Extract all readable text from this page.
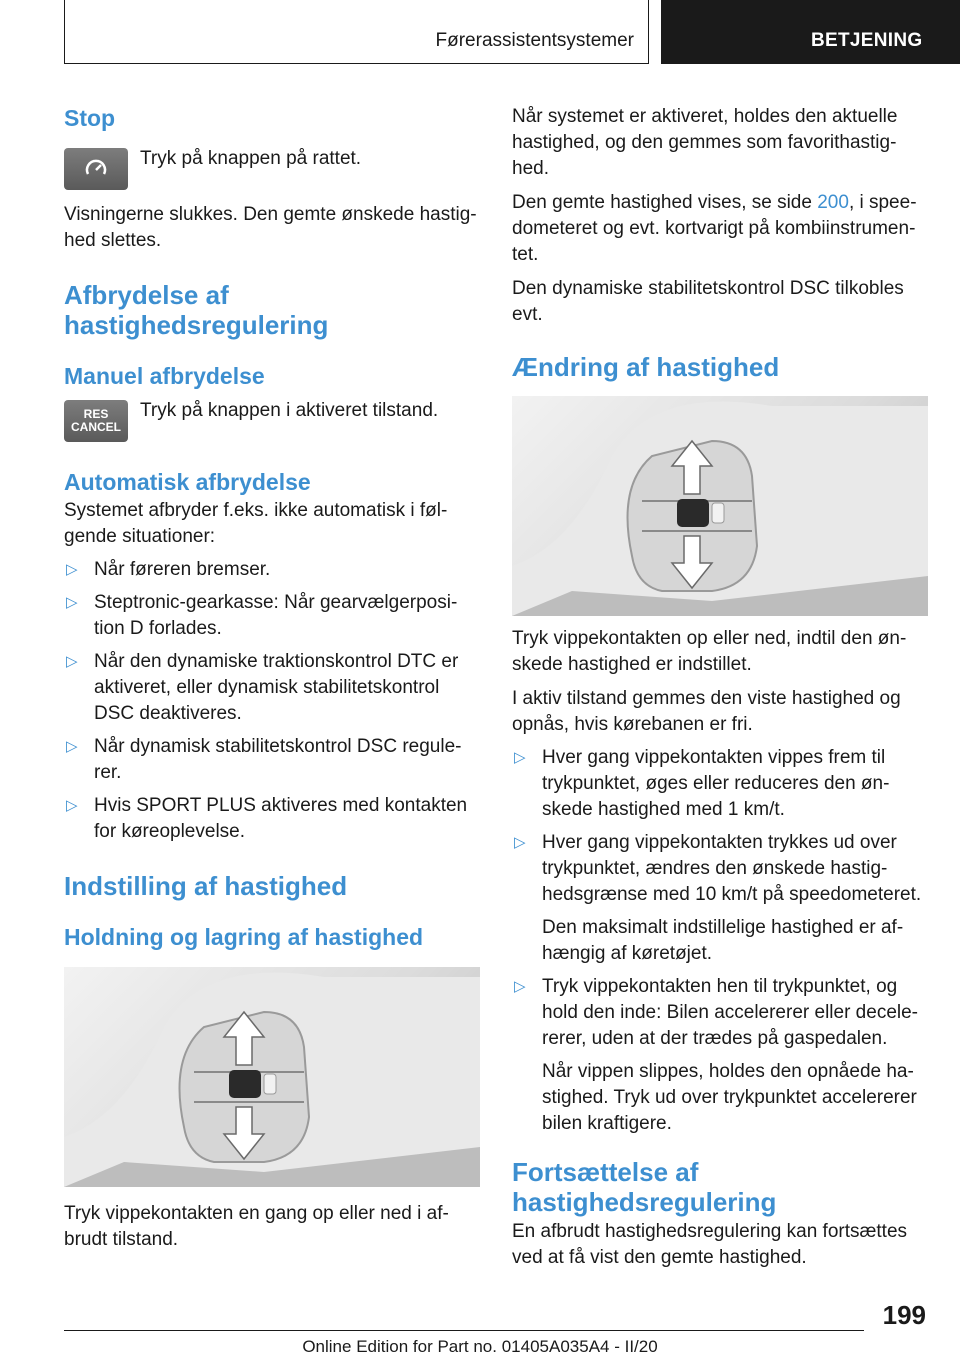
Førerassistentsystemer	BETJENING
Stop

Tryk på knappen på rattet.

Visningerne slukkes. Den gemte ønskede hastig-hed slettes.

Afbrydelse af
hastighedsregulering
Manuel afbrydelse
RES
CANCEL

Tryk på knappen i aktiveret tilstand.

Automatisk afbrydelse

Systemet afbryder f.eks. ikke automatisk i føl-gende situationer:

▷ Når føreren bremser.
▷ Steptronic-gearkasse: Når gearvælgerposi-tion D forlades.
▷ Når den dynamiske traktionskontrol DTC er aktiveret, eller dynamisk stabilitetskontrol DSC deaktiveres.
▷ Når dynamisk stabilitetskontrol DSC regule-rer.
▷ Hvis SPORT PLUS aktiveres med kontakten for køreoplevelse.
Indstilling af hastighed
Holdning og lagring af hastighed

Tryk vippekontakten en gang op eller ned i af-brudt tilstand.

Når systemet er aktiveret, holdes den aktuelle hastighed, og den gemmes som favorithastig-hed.

Den gemte hastighed vises, se side 200, i spee-dometeret og evt. kortvarigt på kombiinstrumen-tet.

Den dynamiske stabilitetskontrol DSC tilkobles evt.

Ændring af hastighed

Tryk vippekontakten op eller ned, indtil den øn-skede hastighed er indstillet.

I aktiv tilstand gemmes den viste hastighed og opnås, hvis kørebanen er fri.

▷ Hver gang vippekontakten vippes frem til trykpunktet, øges eller reduceres den øn-skede hastighed med 1 km/t.
▷ Hver gang vippekontakten trykkes ud over trykpunktet, ændres den ønskede hastig-hedsgrænse med 10 km/t på speedometeret.

Den maksimalt indstillelige hastighed er af-hængig af køretøjet.

▷ Tryk vippekontakten hen til trykpunktet, og hold den inde: Bilen accelererer eller decele-rerer, uden at der trædes på gaspedalen.

Når vippen slippes, holdes den opnåede ha-stighed. Tryk ud over trykpunktet accelererer bilen kraftigere.

Fortsættelse af
hastighedsregulering

En afbrudt hastighedsregulering kan fortsættes ved at få vist den gemte hastighed.

199
Online Edition for Part no. 01405A035A4 - II/20
